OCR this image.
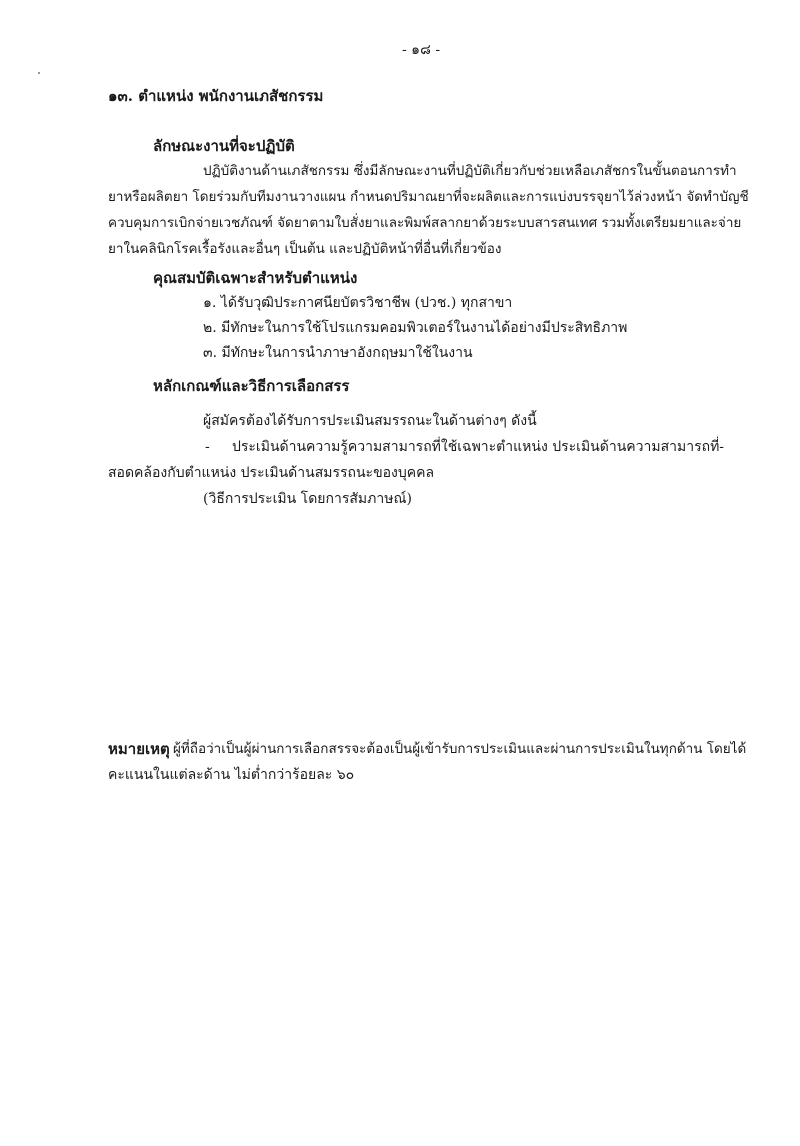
- ๑๘ -
๑๓. ตำแหน่ง พนักงานเภสัชกรรม
ลักษณะงานที่จะปฏิบัติ
ปฏิบัติงานด้านเภสัชกรรม ซึ่งมีลักษณะงานที่ปฏิบัติเกี่ยวกับช่วยเหลือเภสัชกรในขั้นตอนการทำ
ยาหรือผลิตยา โดยร่วมกับทีมงานวางแผน กำหนดปริมาณยาที่จะผลิตและการแบ่งบรรจุยาไว้ล่วงหน้า จัดทำบัญชี
ควบคุมการเบิกจ่ายเวชภัณฑ์ จัดยาตามใบสั่งยาและพิมพ์สลากยาด้วยระบบสารสนเทศ รวมทั้งเตรียมยาและจ่าย
ยาในคลินิกโรคเรื้อรังและอื่นๆ เป็นต้น และปฏิบัติหน้าที่อื่นที่เกี่ยวข้อง
คุณสมบัติเฉพาะสำหรับตำแหน่ง
๑. ได้รับวุฒิประกาศนียบัตรวิชาชีพ (ปวช.) ทุกสาขา
๒. มีทักษะในการใช้โปรแกรมคอมพิวเตอร์ในงานได้อย่างมีประสิทธิภาพ
๓. มีทักษะในการนำภาษาอังกฤษมาใช้ในงาน
หลักเกณฑ์และวิธีการเลือกสรร
ผู้สมัครต้องได้รับการประเมินสมรรถนะในด้านต่างๆ ดังนี้
- ประเมินด้านความรู้ความสามารถที่ใช้เฉพาะตำแหน่ง ประเมินด้านความสามารถที่-
สอดคล้องกับตำแหน่ง ประเมินด้านสมรรถนะของบุคคล
(วิธีการประเมิน โดยการสัมภาษณ์)
หมายเหตุ ผู้ที่ถือว่าเป็นผู้ผ่านการเลือกสรรจะต้องเป็นผู้เข้ารับการประเมินและผ่านการประเมินในทุกด้าน โดยได้
คะแนนในแต่ละด้าน ไม่ต่ำกว่าร้อยละ ๖๐
